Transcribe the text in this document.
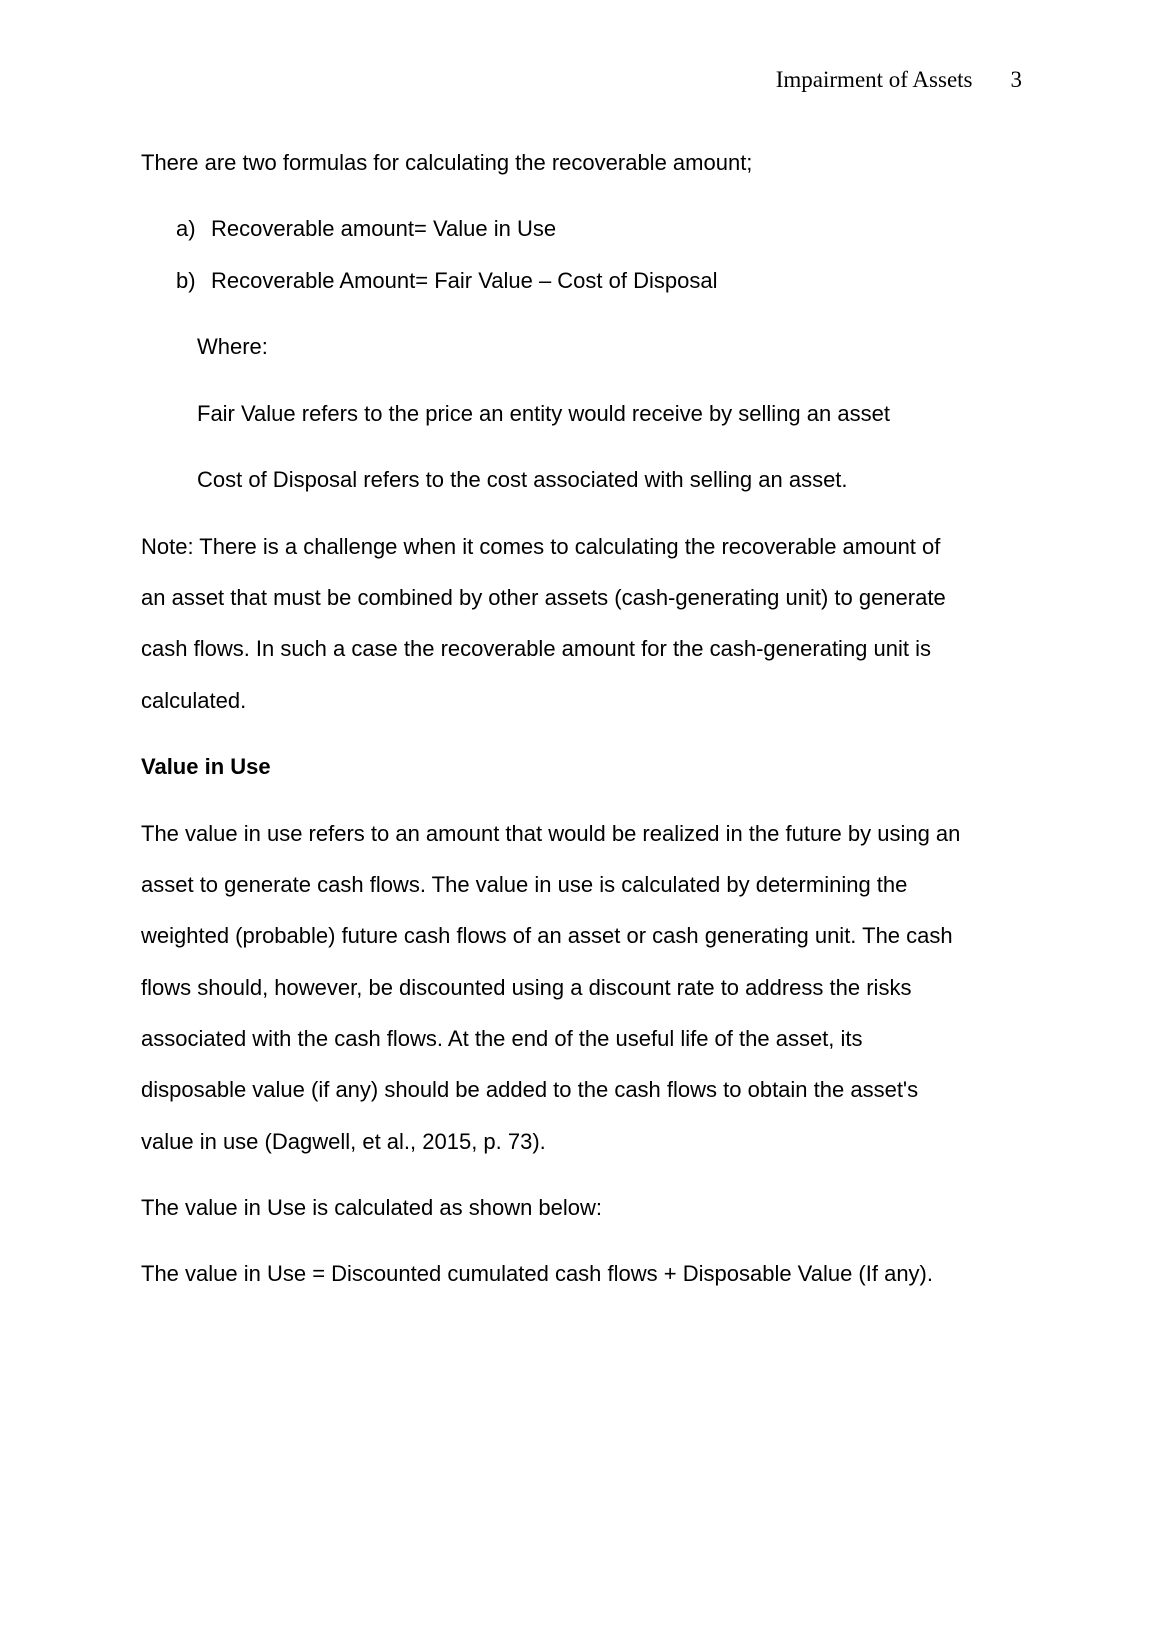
Impairment of Assets 3
There are two formulas for calculating the recoverable amount;
a) Recoverable amount= Value in Use
b) Recoverable Amount= Fair Value – Cost of Disposal
Where:
Fair Value refers to the price an entity would receive by selling an asset
Cost of Disposal refers to the cost associated with selling an asset.
Note: There is a challenge when it comes to calculating the recoverable amount of
an asset that must be combined by other assets (cash-generating unit) to generate
cash flows. In such a case the recoverable amount for the cash-generating unit is
calculated.
Value in Use
The value in use refers to an amount that would be realized in the future by using an
asset to generate cash flows. The value in use is calculated by determining the
weighted (probable) future cash flows of an asset or cash generating unit. The cash
flows should, however, be discounted using a discount rate to address the risks
associated with the cash flows. At the end of the useful life of the asset, its
disposable value (if any) should be added to the cash flows to obtain the asset's
value in use (Dagwell, et al., 2015, p. 73).
The value in Use is calculated as shown below:
The value in Use = Discounted cumulated cash flows + Disposable Value (If any).
